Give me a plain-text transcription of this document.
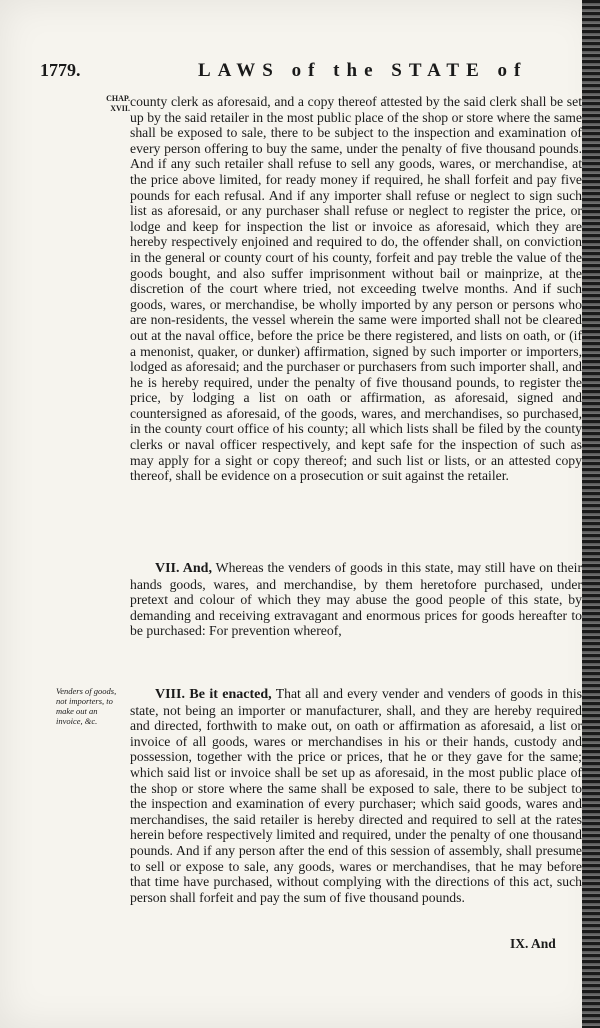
1779.	LAWS of the STATE of
CHAP.
XVII. county clerk as aforesaid, and a copy thereof attested by the said clerk shall be set up by the said retailer in the most public place of the shop or store where the same shall be exposed to sale, there to be subject to the inspection and examination of every person offering to buy the same, under the penalty of five thousand pounds. And if any such retailer shall refuse to sell any goods, wares, or merchandise, at the price above limited, for ready money if required, he shall forfeit and pay five pounds for each refusal. And if any importer shall refuse or neglect to sign such list as aforesaid, or any purchaser shall refuse or neglect to register the price, or lodge and keep for inspection the list or invoice as aforesaid, which they are hereby respectively enjoined and required to do, the offender shall, on conviction in the general or county court of his county, forfeit and pay treble the value of the goods bought, and also suffer imprisonment without bail or mainprize, at the discretion of the court where tried, not exceeding twelve months. And if such goods, wares, or merchandise, be wholly imported by any person or persons who are non-residents, the vessel wherein the same were imported shall not be cleared out at the naval office, before the price be there registered, and lists on oath, or (if a menonist, quaker, or dunker) affirmation, signed by such importer or importers, lodged as aforesaid; and the purchaser or purchasers from such importer shall, and he is hereby required, under the penalty of five thousand pounds, to register the price, by lodging a list on oath or affirmation, as aforesaid, signed and countersigned as aforesaid, of the goods, wares, and merchandises, so purchased, in the county court office of his county; all which lists shall be filed by the county clerks or naval officer respectively, and kept safe for the inspection of such as may apply for a sight or copy thereof; and such list or lists, or an attested copy thereof, shall be evidence on a prosecution or suit against the retailer.
VII. And, Whereas the venders of goods in this state, may still have on their hands goods, wares, and merchandise, by them heretofore purchased, under pretext and colour of which they may abuse the good people of this state, by demanding and receiving extravagant and enormous prices for goods hereafter to be purchased: For prevention whereof,
Venders of goods, not importers, to make out an invoice, &c.
VIII. Be it enacted, That all and every vender and venders of goods in this state, not being an importer or manufacturer, shall, and they are hereby required and directed, forthwith to make out, on oath or affirmation as aforesaid, a list or invoice of all goods, wares or merchandises in his or their hands, custody and possession, together with the price or prices, that he or they gave for the same; which said list or invoice shall be set up as aforesaid, in the most public place of the shop or store where the same shall be exposed to sale, there to be subject to the inspection and examination of every purchaser; which said goods, wares and merchandises, the said retailer is hereby directed and required to sell at the rates herein before respectively limited and required, under the penalty of one thousand pounds. And if any person after the end of this session of assembly, shall presume to sell or expose to sale, any goods, wares or merchandises, that he may before that time have purchased, without complying with the directions of this act, such person shall forfeit and pay the sum of five thousand pounds.
IX. And
